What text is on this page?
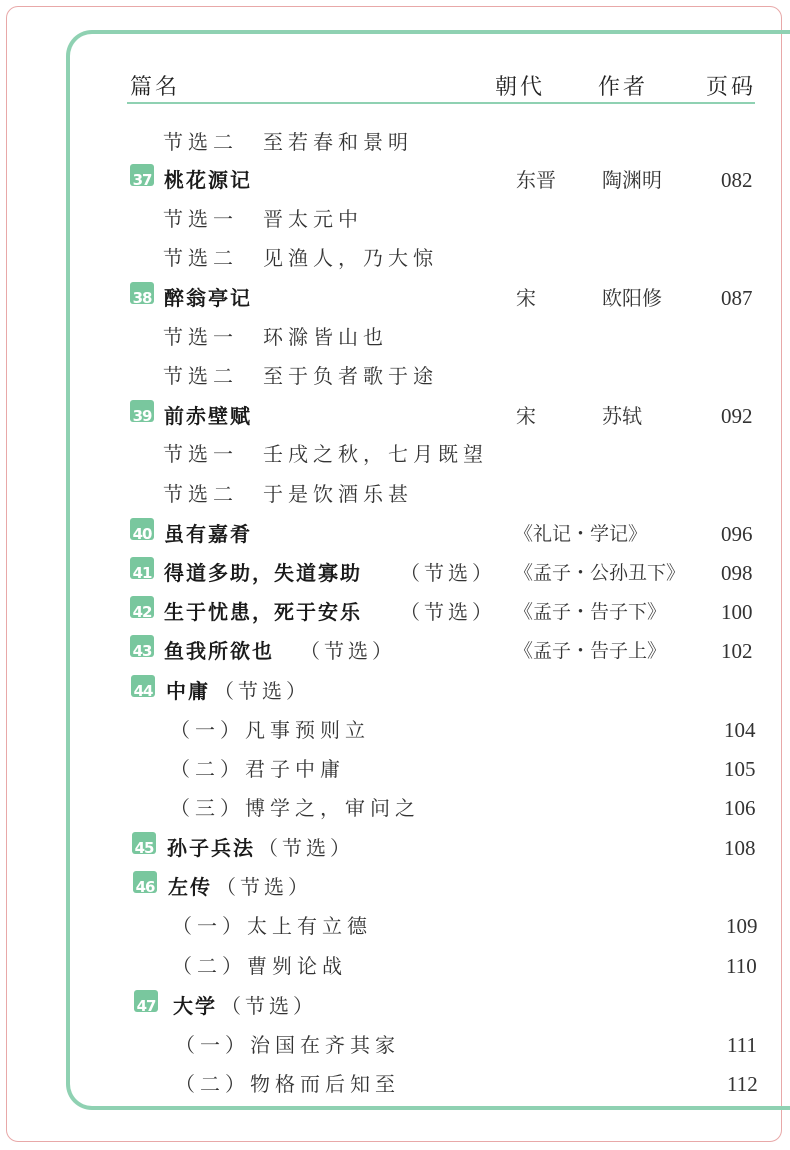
篇名	朝代 作者	页码
节选二　至若春和景明
37 桃花源记	东晋 陶渊明	082
节选一　晋太元中
节选二　见渔人，乃大惊
38 醉翁亭记	宋	欧阳修	087
节选一　环滁皆山也
节选二　至于负者歌于途
39 前赤壁赋	宋	苏轼	092
节选一　壬戌之秋，七月既望
节选二　于是饮酒乐甚
40 虽有嘉肴	《礼记・学记》	096
41 得道多助，失道寡助 （节选） 《孟子・公孙丑下》 098
42 生于忧患，死于安乐 （节选） 《孟子・告子下》	100
43 鱼我所欲也 （节选）	《孟子・告子上》	102
44 中庸 （节选）
（一）凡事预则立	104
（二）君子中庸	105
（三）博学之，审问之	106
45 孙子兵法 （节选）	108
46 左传 （节选）
（一）太上有立德	109
（二）曹刿论战	110
47 大学 （节选）
（一）治国在齐其家	111
（二）物格而后知至	112
